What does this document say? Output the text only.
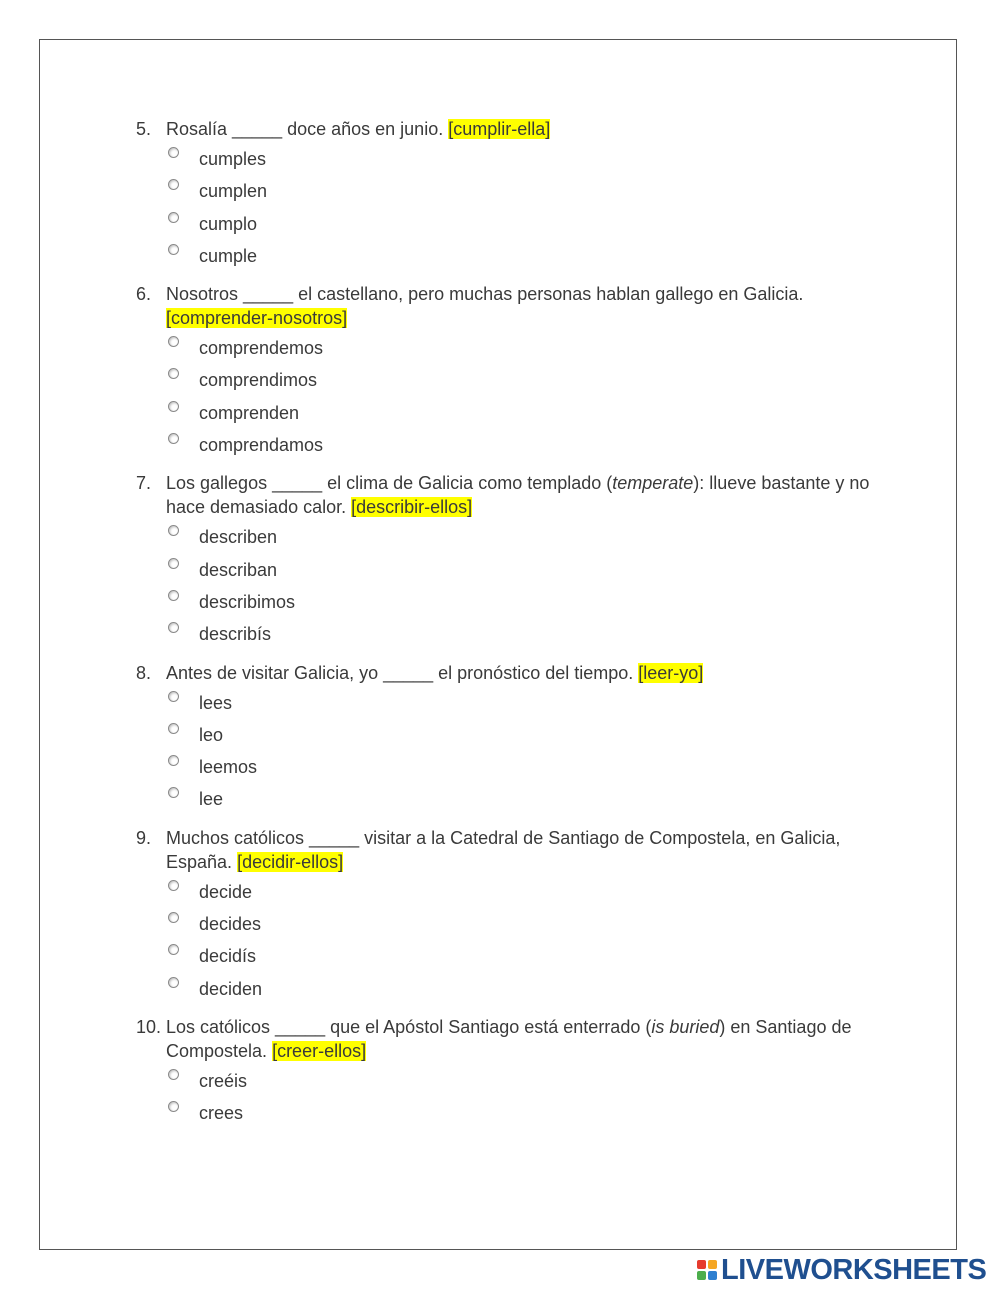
5. Rosalía _____ doce años en junio. [cumplir-ella]
cumples
cumplen
cumplo
cumple
6. Nosotros _____ el castellano, pero muchas personas hablan gallego en Galicia. [comprender-nosotros]
comprendemos
comprendimos
comprenden
comprendamos
7. Los gallegos _____ el clima de Galicia como templado (temperate): llueve bastante y no hace demasiado calor. [describir-ellos]
describen
describan
describimos
describís
8. Antes de visitar Galicia, yo _____ el pronóstico del tiempo. [leer-yo]
lees
leo
leemos
lee
9. Muchos católicos _____ visitar a la Catedral de Santiago de Compostela, en Galicia, España. [decidir-ellos]
decide
decides
decidís
deciden
10. Los católicos _____ que el Apóstol Santiago está enterrado (is buried) en Santiago de Compostela. [creer-ellos]
creéis
crees
LIVEWORKSHEETS
